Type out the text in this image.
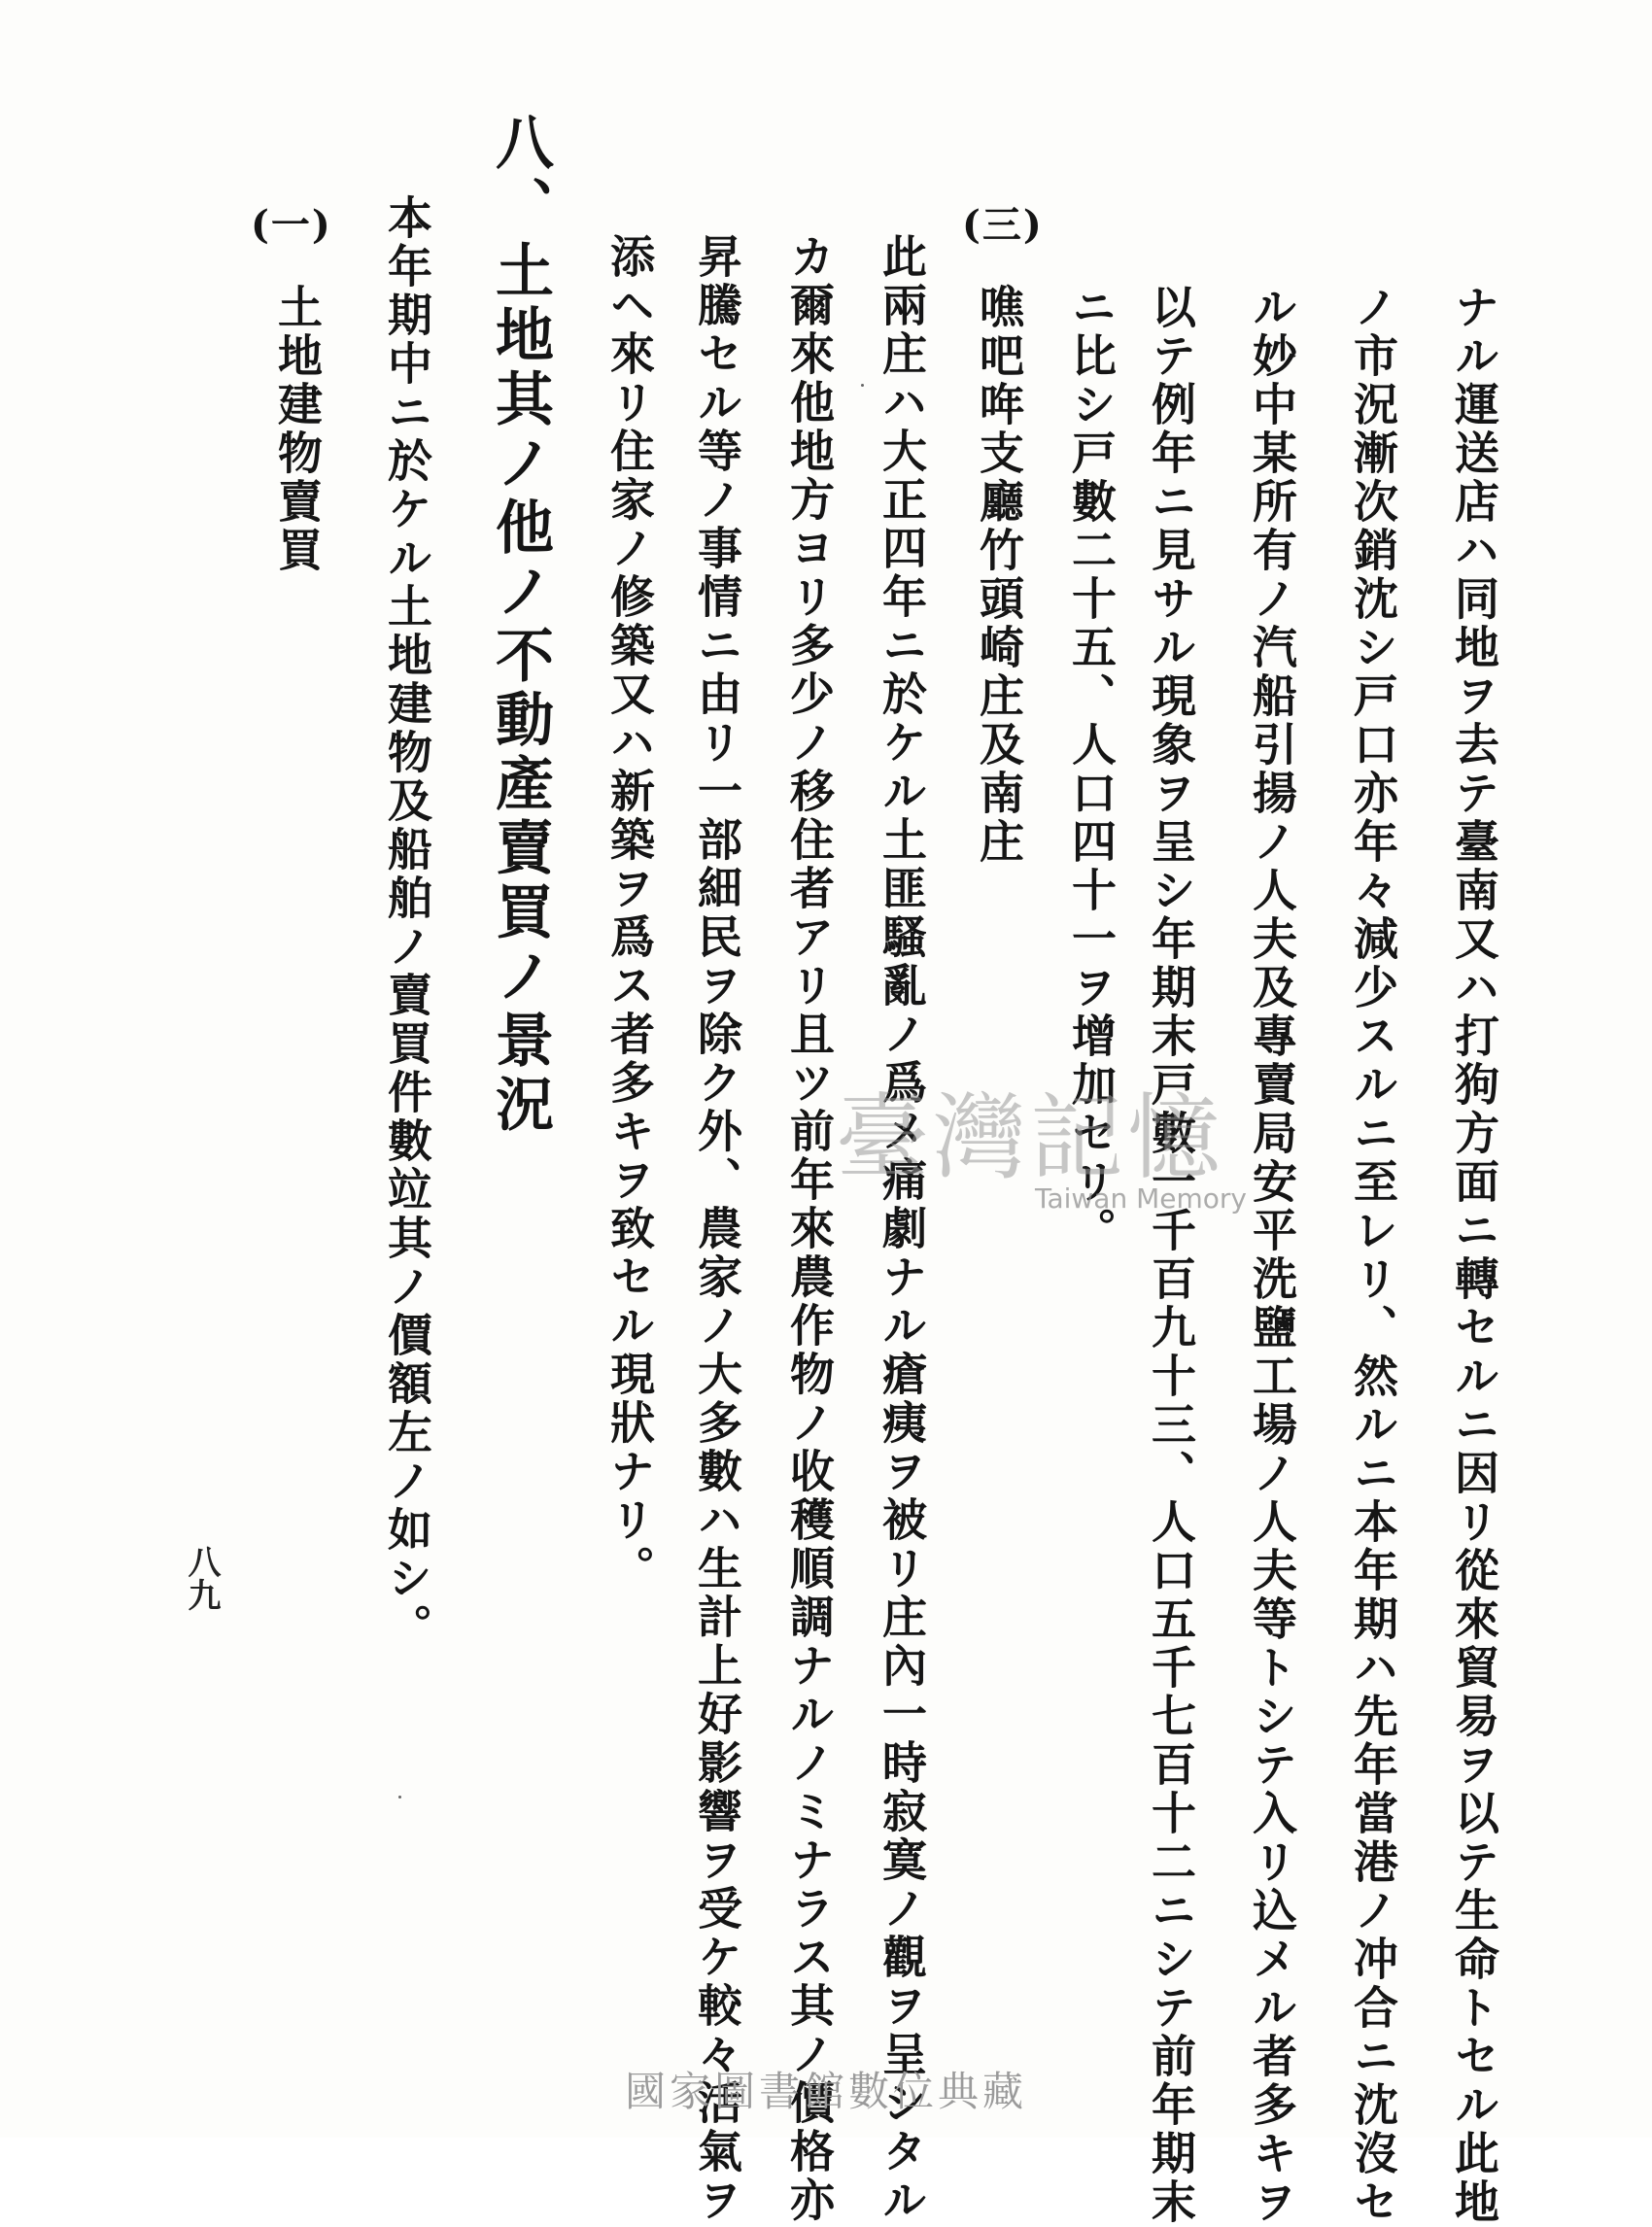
ナル運送店ハ同地ヲ去テ臺南又ハ打狗方面ニ轉セルニ因リ從來貿易ヲ以テ生命トセル此地
ノ市況漸次銷沈シ戸口亦年々減少スルニ至レリ、然ルニ本年期ハ先年當港ノ冲合ニ沈沒セ
ル妙中某所有ノ汽船引揚ノ人夫及專賣局安平洗鹽工場ノ人夫等トシテ入リ込メル者多キヲ
以テ例年ニ見サル現象ヲ呈シ年期末戸數一千百九十三、人口五千七百十二ニシテ前年期末
ニ比シ戸數二十五、人口四十一ヲ增加セリ。
(三)
噍吧哖支廳竹頭崎庄及南庄
此兩庄ハ大正四年ニ於ケル土匪騷亂ノ爲メ痛劇ナル瘡痍ヲ被リ庄內一時寂寞ノ觀ヲ呈シタル
カ爾來他地方ヨリ多少ノ移住者アリ且ツ前年來農作物ノ收穫順調ナルノミナラス其ノ價格亦
昇騰セル等ノ事情ニ由リ一部細民ヲ除ク外、農家ノ大多數ハ生計上好影響ヲ受ケ較々活氣ヲ
添ヘ來リ住家ノ修築又ハ新築ヲ爲ス者多キヲ致セル現狀ナリ。
八、土地其ノ他ノ不動產賣買ノ景況
本年期中ニ於ケル土地建物及船舶ノ賣買件數竝其ノ價額左ノ如シ。
(一)
土地建物賣買
八九
臺灣記憶
Taiwan Memory
國家圖書館數位典藏
